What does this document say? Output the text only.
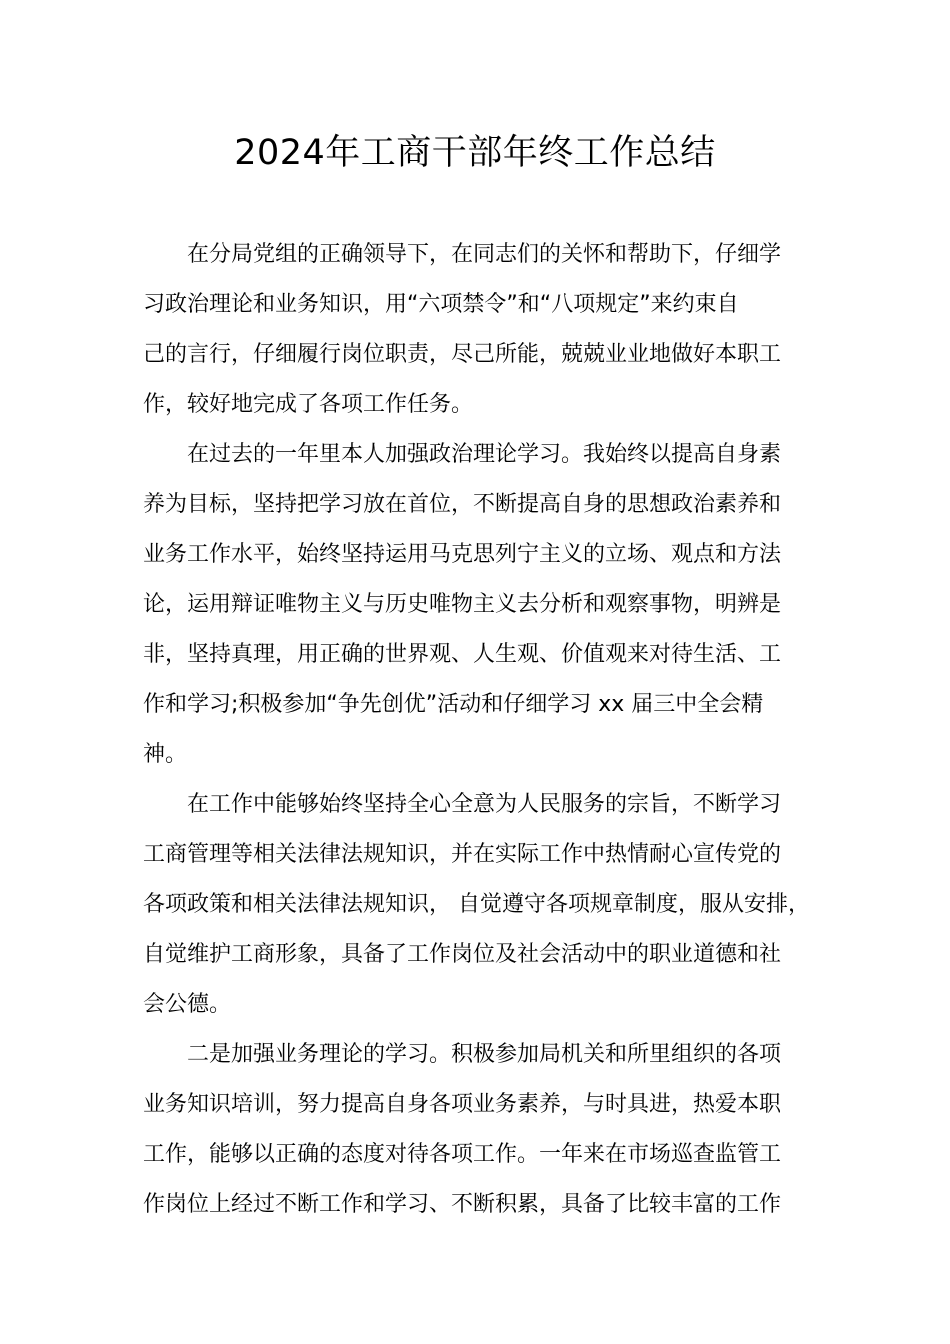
2024年工商干部年终工作总结
在分局党组的正确领导下，在同志们的关怀和帮助下，仔细学
习政治理论和业务知识，用“六项禁令”和“八项规定”来约束自
己的言行，仔细履行岗位职责，尽己所能，兢兢业业地做好本职工
作，较好地完成了各项工作任务。
在过去的一年里本人加强政治理论学习。我始终以提高自身素
养为目标，坚持把学习放在首位，不断提高自身的思想政治素养和
业务工作水平，始终坚持运用马克思列宁主义的立场、观点和方法
论，运用辩证唯物主义与历史唯物主义去分析和观察事物，明辨是
非，坚持真理，用正确的世界观、人生观、价值观来对待生活、工
作和学习;积极参加“争先创优”活动和仔细学习 xx 届三中全会精
神。
在工作中能够始终坚持全心全意为人民服务的宗旨，不断学习
工商管理等相关法律法规知识，并在实际工作中热情耐心宣传党的
各项政策和相关法律法规知识， 自觉遵守各项规章制度，服从安排，
自觉维护工商形象，具备了工作岗位及社会活动中的职业道德和社
会公德。
二是加强业务理论的学习。积极参加局机关和所里组织的各项
业务知识培训，努力提高自身各项业务素养，与时具进，热爱本职
工作，能够以正确的态度对待各项工作。一年来在市场巡查监管工
作岗位上经过不断工作和学习、不断积累，具备了比较丰富的工作
